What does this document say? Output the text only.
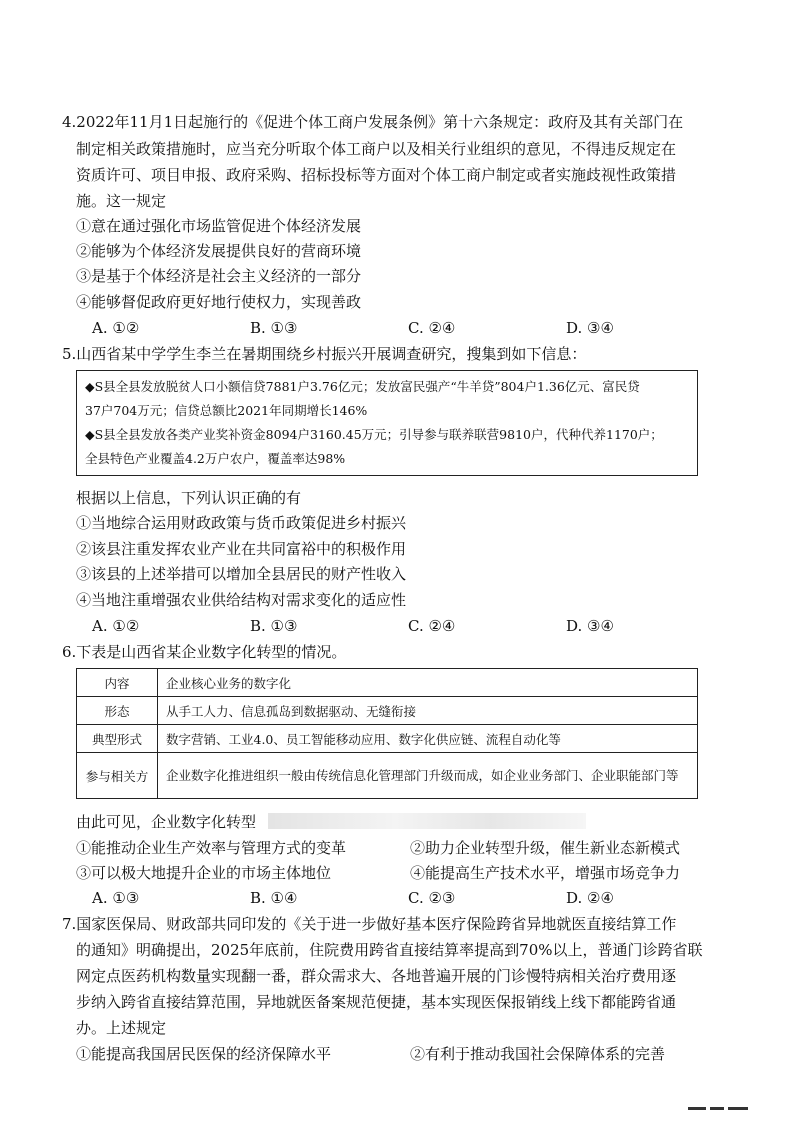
4.2022年11月1日起施行的《促进个体工商户发展条例》第十六条规定：政府及其有关部门在
制定相关政策措施时，应当充分听取个体工商户以及相关行业组织的意见，不得违反规定在
资质许可、项目申报、政府采购、招标投标等方面对个体工商户制定或者实施歧视性政策措
施。这一规定
①意在通过强化市场监管促进个体经济发展
②能够为个体经济发展提供良好的营商环境
③是基于个体经济是社会主义经济的一部分
④能够督促政府更好地行使权力，实现善政
A. ①②	B. ①③	C. ②④	D. ③④
5.山西省某中学学生李兰在暑期围绕乡村振兴开展调查研究，搜集到如下信息：
◆S县全县发放脱贫人口小额信贷7881户3.76亿元；发放富民强产“牛羊贷”804户1.36亿元、富民贷
37户704万元；信贷总额比2021年同期增长146%
◆S县全县发放各类产业奖补资金8094户3160.45万元；引导参与联养联营9810户，代种代养1170户；
全县特色产业覆盖4.2万户农户，覆盖率达98%
根据以上信息，下列认识正确的有
①当地综合运用财政政策与货币政策促进乡村振兴
②该县注重发挥农业产业在共同富裕中的积极作用
③该县的上述举措可以增加全县居民的财产性收入
④当地注重增强农业供给结构对需求变化的适应性
A. ①②	B. ①③	C. ②④	D. ③④
6.下表是山西省某企业数字化转型的情况。
内容	企业核心业务的数字化
形态	从手工人力、信息孤岛到数据驱动、无缝衔接
典型形式	数字营销、工业4.0、员工智能移动应用、数字化供应链、流程自动化等
参与相关方	企业数字化推进组织一般由传统信息化管理部门升级而成，如企业业务部门、企业职能部门等
由此可见，企业数字化转型
①能推动企业生产效率与管理方式的变革	②助力企业转型升级，催生新业态新模式
③可以极大地提升企业的市场主体地位	④能提高生产技术水平，增强市场竞争力
A. ①③	B. ①④	C. ②③	D. ②④
7.国家医保局、财政部共同印发的《关于进一步做好基本医疗保险跨省异地就医直接结算工作
的通知》明确提出，2025年底前，住院费用跨省直接结算率提高到70%以上，普通门诊跨省联
网定点医药机构数量实现翻一番，群众需求大、各地普遍开展的门诊慢特病相关治疗费用逐
步纳入跨省直接结算范围，异地就医备案规范便捷，基本实现医保报销线上线下都能跨省通
办。上述规定
①能提高我国居民医保的经济保障水平	②有利于推动我国社会保障体系的完善
